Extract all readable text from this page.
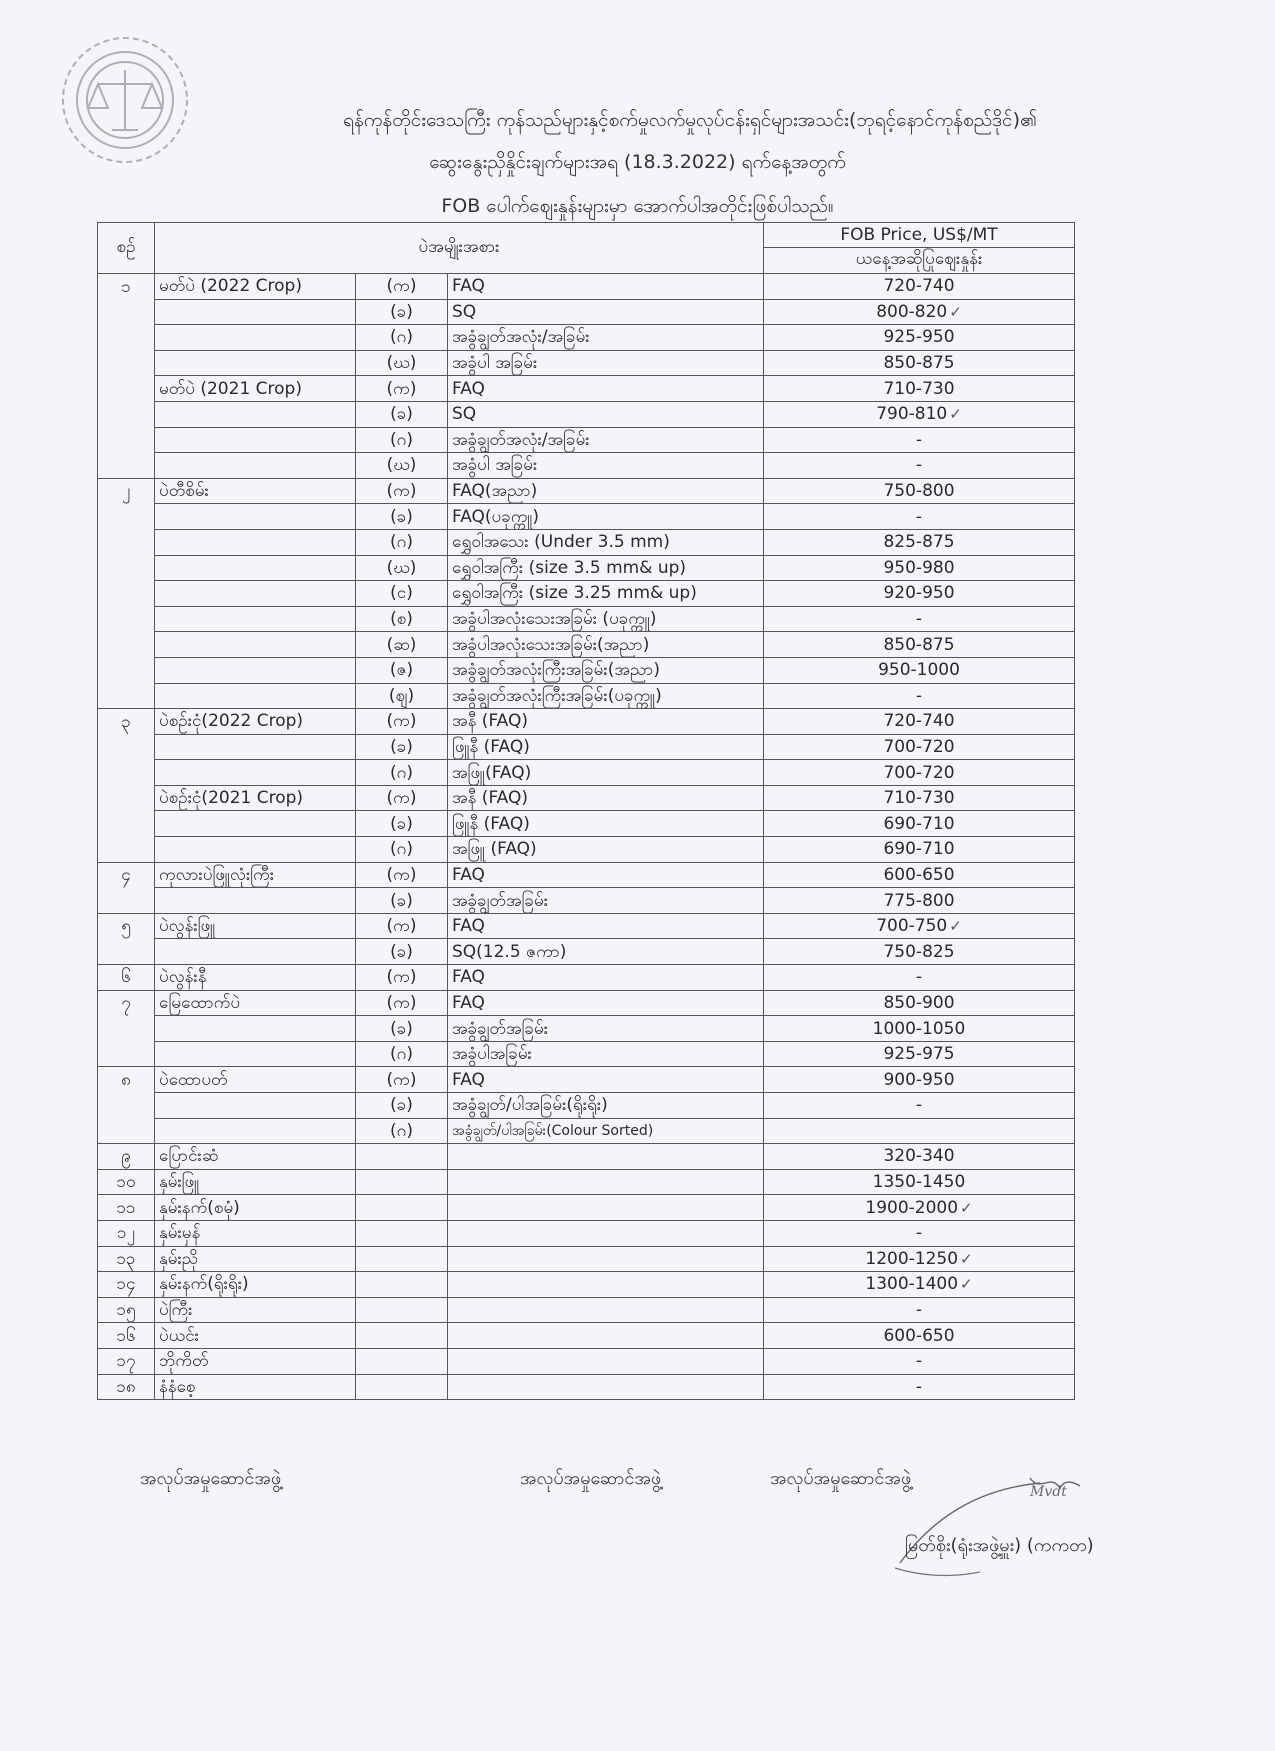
ရန်ကုန်တိုင်းဒေသကြီး ကုန်သည်များနှင့်စက်မှုလက်မှုလုပ်ငန်းရှင်များအသင်း(ဘုရင့်နောင်ကုန်စည်ဒိုင်)၏
ဆွေးနွေးညှိနှိုင်းချက်များအရ (18.3.2022) ရက်နေ့အတွက်
FOB ပေါက်ဈေးနှုန်းများမှာ အောက်ပါအတိုင်းဖြစ်ပါသည်။
စဉ်	ပဲအမျိုးအစား			FOB Price, US$/MT
				ယနေ့အဆိုပြုဈေးနှုန်း
၁	မတ်ပဲ (2022 Crop)	(က)	FAQ	720-740
		(ခ)	SQ	800-820 ✓
		(ဂ)	အခွံချွတ်အလုံး/အခြမ်း	925-950
		(ဃ)	အခွံပါ အခြမ်း	850-875
	မတ်ပဲ (2021 Crop)	(က)	FAQ	710-730
		(ခ)	SQ	790-810 ✓
		(ဂ)	အခွံချွတ်အလုံး/အခြမ်း	-
		(ဃ)	အခွံပါ အခြမ်း	-
၂	ပဲတီစိမ်း	(က)	FAQ(အညာ)	750-800
		(ခ)	FAQ(ပခုက္ကူ)	-
		(ဂ)	ရွှေဝါအသေး (Under 3.5 mm)	825-875
		(ဃ)	ရွှေဝါအကြီး (size 3.5 mm& up)	950-980
		(င)	ရွှေဝါအကြီး (size 3.25 mm& up)	920-950
		(စ)	အခွံပါအလုံးသေးအခြမ်း (ပခုက္ကူ)	-
		(ဆ)	အခွံပါအလုံးသေးအခြမ်း(အညာ)	850-875
		(ဇ)	အခွံချွတ်အလုံးကြီးအခြမ်း(အညာ)	950-1000
		(ဈ)	အခွံချွတ်အလုံးကြီးအခြမ်း(ပခုက္ကူ)	-
၃	ပဲစဉ်းငုံ(2022 Crop)	(က)	အနီ (FAQ)	720-740
		(ခ)	ဖြူနီ (FAQ)	700-720
		(ဂ)	အဖြူ(FAQ)	700-720
	ပဲစဉ်းငုံ(2021 Crop)	(က)	အနီ (FAQ)	710-730
		(ခ)	ဖြူနီ (FAQ)	690-710
		(ဂ)	အဖြူ (FAQ)	690-710
၄	ကုလားပဲဖြူလုံးကြီး	(က)	FAQ	600-650
		(ခ)	အခွံချွတ်အခြမ်း	775-800
၅	ပဲလွန်းဖြူ	(က)	FAQ	700-750 ✓
		(ခ)	SQ(12.5 ဇကာ)	750-825
၆	ပဲလွန်းနီ	(က)	FAQ	-
၇	မြေထောက်ပဲ	(က)	FAQ	850-900
		(ခ)	အခွံချွတ်အခြမ်း	1000-1050
		(ဂ)	အခွံပါအခြမ်း	925-975
၈	ပဲထောပတ်	(က)	FAQ	900-950
		(ခ)	အခွံချွတ်/ပါအခြမ်း(ရိုးရိုး)	-
		(ဂ)	အခွံချွတ်/ပါအခြမ်း(Colour Sorted)	
၉	ပြောင်းဆံ			320-340
၁၀	နှမ်းဖြူ			1350-1450
၁၁	နှမ်းနက်(စမုံ)			1900-2000 ✓
၁၂	နှမ်းမှန်			-
၁၃	နှမ်းညို			1200-1250 ✓
၁၄	နှမ်းနက်(ရိုးရိုး)			1300-1400 ✓
၁၅	ပဲကြီး			-
၁၆	ပဲယင်း			600-650
၁၇	ဘိုကိတ်			-
၁၈	နံနံစေ့			-
အလုပ်အမှုဆောင်အဖွဲ့	အလုပ်အမှုဆောင်အဖွဲ့	အလုပ်အမှုဆောင်အဖွဲ့
Mvdt
မြတ်စိုး(ရုံးအဖွဲ့မှူး) (ကကတ)
